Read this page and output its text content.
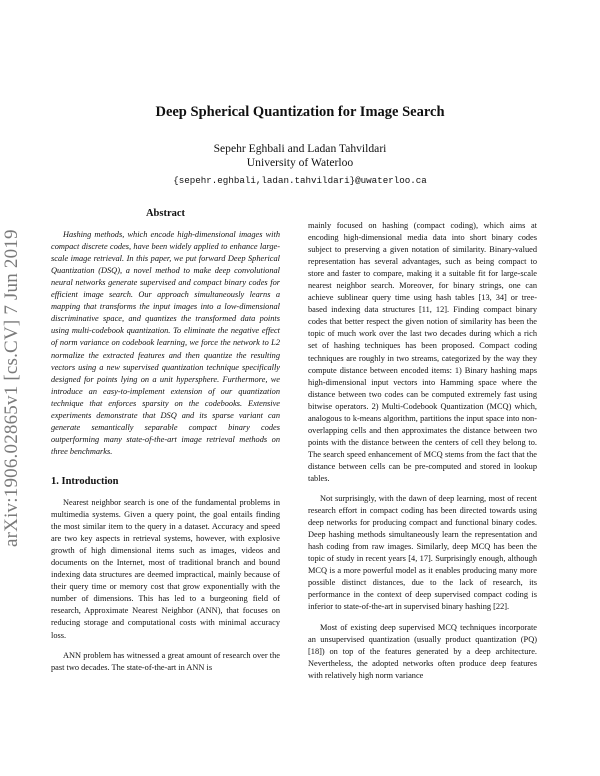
arXiv:1906.02865v1 [cs.CV] 7 Jun 2019
Deep Spherical Quantization for Image Search
Sepehr Eghbali and Ladan Tahvildari
University of Waterloo
{sepehr.eghbali,ladan.tahvildari}@uwaterloo.ca
Abstract

Hashing methods, which encode high-dimensional images with compact discrete codes, have been widely applied to enhance large-scale image retrieval. In this paper, we put forward Deep Spherical Quantization (DSQ), a novel method to make deep convolutional neural networks generate supervised and compact binary codes for efficient image search. Our approach simultaneously learns a mapping that transforms the input images into a low-dimensional discriminative space, and quantizes the transformed data points using multi-codebook quantization. To eliminate the negative effect of norm variance on codebook learning, we force the network to L2 normalize the extracted features and then quantize the resulting vectors using a new supervised quantization technique specifically designed for points lying on a unit hypersphere. Furthermore, we introduce an easy-to-implement extension of our quantization technique that enforces sparsity on the codebooks. Extensive experiments demonstrate that DSQ and its sparse variant can generate semantically separable compact binary codes outperforming many state-of-the-art image retrieval methods on three benchmarks.

1. Introduction

Nearest neighbor search is one of the fundamental problems in multimedia systems. Given a query point, the goal entails finding the most similar item to the query in a dataset. Accuracy and speed are two key aspects in retrieval systems, however, with explosive growth of high dimensional items such as images, videos and documents on the Internet, most of traditional branch and bound indexing data structures are deemed impractical, mainly because of their query time or memory cost that grow exponentially with the number of dimensions. This has led to a burgeoning field of research, Approximate Nearest Neighbor (ANN), that focuses on reducing storage and computational costs with minimal accuracy loss.

ANN problem has witnessed a great amount of research over the past two decades. The state-of-the-art in ANN is

mainly focused on hashing (compact coding), which aims at encoding high-dimensional media data into short binary codes subject to preserving a given notation of similarity. Binary-valued representation has several advantages, such as being compact to store and faster to compare, making it a suitable fit for large-scale nearest neighbor search. Moreover, for binary strings, one can achieve sublinear query time using hash tables [13, 34] or tree-based indexing data structures [11, 12]. Finding compact binary codes that better respect the given notion of similarity has been the topic of much work over the last two decades during which a rich set of hashing techniques has been proposed. Compact coding techniques are roughly in two streams, categorized by the way they compute distance between encoded items: 1) Binary hashing maps high-dimensional input vectors into Hamming space where the distance between two codes can be computed extremely fast using bitwise operators. 2) Multi-Codebook Quantization (MCQ) which, analogous to k-means algorithm, partitions the input space into non-overlapping cells and then approximates the distance between two points with the distance between the centers of cell they belong to. The search speed enhancement of MCQ stems from the fact that the distance between cells can be pre-computed and stored in lookup tables.

Not surprisingly, with the dawn of deep learning, most of recent research effort in compact coding has been directed towards using deep networks for producing compact and functional binary codes. Deep hashing methods simultaneously learn the representation and hash coding from raw images. Similarly, deep MCQ has been the topic of study in recent years [4, 17]. Surprisingly enough, although MCQ is a more powerful model as it enables producing many more possible distinct distances, due to the lack of research, its performance in the context of deep supervised compact coding is inferior to state-of-the-art in supervised binary hashing [22].

Most of existing deep supervised MCQ techniques incorporate an unsupervised quantization (usually product quantization (PQ) [18]) on top of the features generated by a deep architecture. Nevertheless, the adopted networks often produce deep features with relatively high norm variance
